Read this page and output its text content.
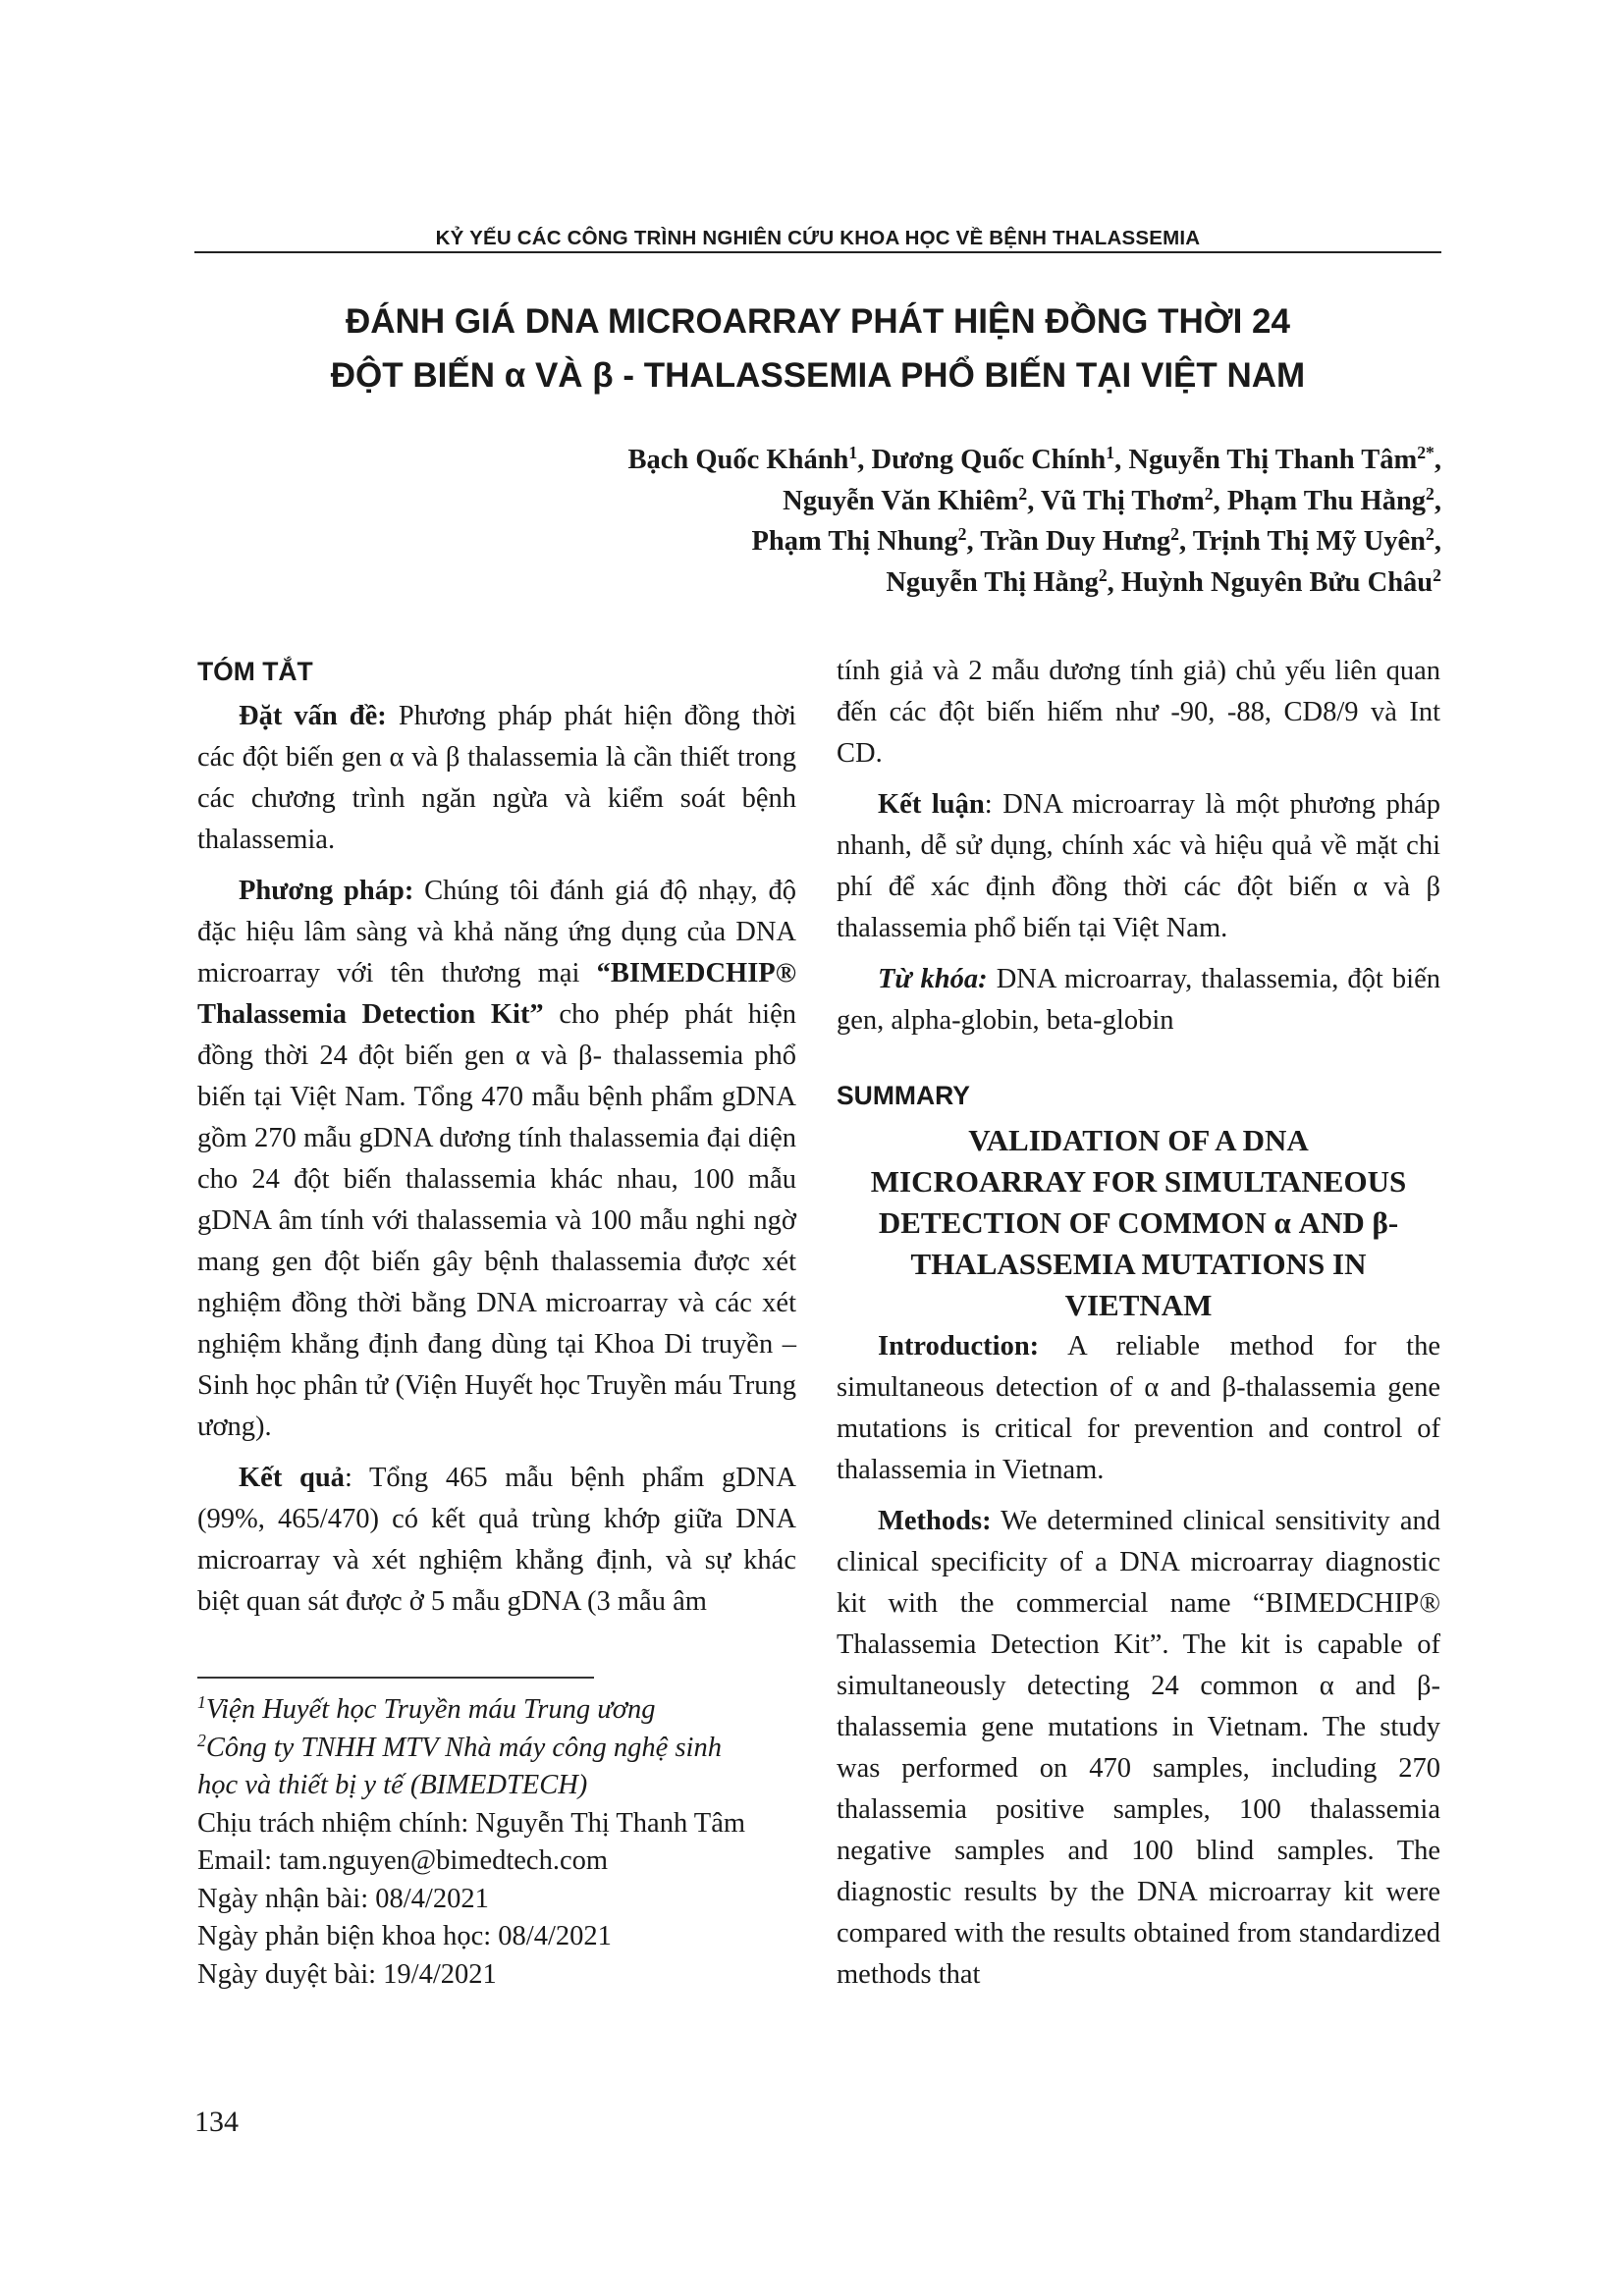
KỶ YẾU CÁC CÔNG TRÌNH NGHIÊN CỨU KHOA HỌC VỀ BỆNH THALASSEMIA
ĐÁNH GIÁ DNA MICROARRAY PHÁT HIỆN ĐỒNG THỜI 24
ĐỘT BIẾN α VÀ β - THALASSEMIA PHỔ BIẾN TẠI VIỆT NAM
Bạch Quốc Khánh$^1$, Dương Quốc Chính$^1$, Nguyễn Thị Thanh Tâm$^{2*}$,
Nguyễn Văn Khiêm$^2$, Vũ Thị Thơm$^2$, Phạm Thu Hằng$^2$,
Phạm Thị Nhung$^2$, Trần Duy Hưng$^2$, Trịnh Thị Mỹ Uyên$^2$,
Nguyễn Thị Hằng$^2$, Huỳnh Nguyên Bửu Châu$^2$
TÓM TẮT

Đặt vấn đề: Phương pháp phát hiện đồng thời các đột biến gen α và β thalassemia là cần thiết trong các chương trình ngăn ngừa và kiểm soát bệnh thalassemia.

Phương pháp: Chúng tôi đánh giá độ nhạy, độ đặc hiệu lâm sàng và khả năng ứng dụng của DNA microarray với tên thương mại “BIMEDCHIP® Thalassemia Detection Kit” cho phép phát hiện đồng thời 24 đột biến gen α và β- thalassemia phổ biến tại Việt Nam. Tổng 470 mẫu bệnh phẩm gDNA gồm 270 mẫu gDNA dương tính thalassemia đại diện cho 24 đột biến thalassemia khác nhau, 100 mẫu gDNA âm tính với thalassemia và 100 mẫu nghi ngờ mang gen đột biến gây bệnh thalassemia được xét nghiệm đồng thời bằng DNA microarray và các xét nghiệm khẳng định đang dùng tại Khoa Di truyền – Sinh học phân tử (Viện Huyết học Truyền máu Trung ương).

Kết quả: Tổng 465 mẫu bệnh phẩm gDNA (99%, 465/470) có kết quả trùng khớp giữa DNA microarray và xét nghiệm khẳng định, và sự khác biệt quan sát được ở 5 mẫu gDNA (3 mẫu âm

tính giả và 2 mẫu dương tính giả) chủ yếu liên quan đến các đột biến hiếm như -90, -88, CD8/9 và Int CD.

Kết luận: DNA microarray là một phương pháp nhanh, dễ sử dụng, chính xác và hiệu quả về mặt chi phí để xác định đồng thời các đột biến α và β thalassemia phổ biến tại Việt Nam.

Từ khóa: DNA microarray, thalassemia, đột biến gen, alpha-globin, beta-globin

SUMMARY
VALIDATION OF A DNA
MICROARRAY FOR SIMULTANEOUS
DETECTION OF COMMON α AND β-
THALASSEMIA MUTATIONS IN
VIETNAM

Introduction: A reliable method for the simultaneous detection of α and β-thalassemia gene mutations is critical for prevention and control of thalassemia in Vietnam.

Methods: We determined clinical sensitivity and clinical specificity of a DNA microarray diagnostic kit with the commercial name “BIMEDCHIP® Thalassemia Detection Kit”. The kit is capable of simultaneously detecting 24 common α and β-thalassemia gene mutations in Vietnam. The study was performed on 470 samples, including 270 thalassemia positive samples, 100 thalassemia negative samples and 100 blind samples. The diagnostic results by the DNA microarray kit were compared with the results obtained from standardized methods that

$^1$Viện Huyết học Truyền máu Trung ương
$^2$Công ty TNHH MTV Nhà máy công nghệ sinh
học và thiết bị y tế (BIMEDTECH)
Chịu trách nhiệm chính: Nguyễn Thị Thanh Tâm
Email: tam.nguyen@bimedtech.com
Ngày nhận bài: 08/4/2021
Ngày phản biện khoa học: 08/4/2021
Ngày duyệt bài: 19/4/2021
134
